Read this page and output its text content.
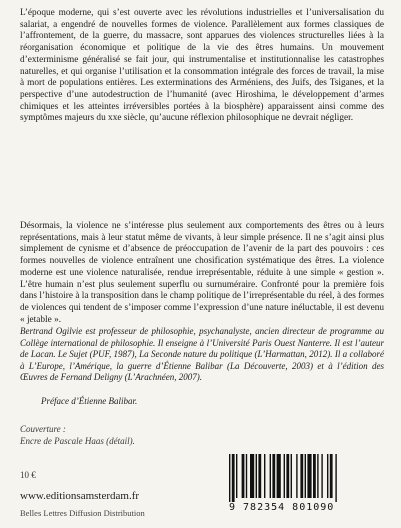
L’époque moderne, qui s’est ouverte avec les révolutions industrielles et l’universalisation du salariat, a engendré de nouvelles formes de violence. Parallèlement aux formes classiques de l’affrontement, de la guerre, du massacre, sont apparues des violences structurelles liées à la réorganisation économique et politique de la vie des êtres humains. Un mouvement d’exterminisme généralisé se fait jour, qui instrumentalise et institutionnalise les catastrophes naturelles, et qui organise l’utilisation et la consommation intégrale des forces de travail, la mise à mort de populations entières. Les exterminations des Arméniens, des Juifs, des Tsiganes, et la perspective d’une autodestruction de l’humanité (avec Hiroshima, le développement d’armes chimiques et les atteintes irréversibles portées à la biosphère) apparaissent ainsi comme des symptômes majeurs du xxe siècle, qu’aucune réflexion philosophique ne devrait négliger.

Désormais, la violence ne s’intéresse plus seulement aux comportements des êtres ou à leurs représentations, mais à leur statut même de vivants, à leur simple présence. Il ne s’agit ainsi plus simplement de cynisme et d’absence de préoccupation de l’avenir de la part des pouvoirs : ces formes nouvelles de violence entraînent une chosification systématique des êtres. La violence moderne est une violence naturalisée, rendue irreprésentable, réduite à une simple « gestion ». L’être humain n’est plus seulement superflu ou surnuméraire. Confronté pour la première fois dans l’histoire à la transposition dans le champ politique de l’irreprésentable du réel, à des formes de violences qui tendent de s’imposer comme l’expression d’une nature inéluctable, il est devenu « jetable ».

Bertrand Ogilvie est professeur de philosophie, psychanalyste, ancien directeur de programme au Collège international de philosophie. Il enseigne à l’Université Paris Ouest Nanterre. Il est l’auteur de Lacan. Le Sujet (PUF, 1987), La Seconde nature du politique (L’Harmattan, 2012). Il a collaboré à L’Europe, l’Amérique, la guerre d’Étienne Balibar (La Découverte, 2003) et à l’édition des Œuvres de Fernand Deligny (L’Arachnéen, 2007).

Préface d’Étienne Balibar.

Couverture :
Encre de Pascale Haas (détail).
10 €
www.editionsamsterdam.fr
Belles Lettres Diffusion Distribution	9 782354 801090
